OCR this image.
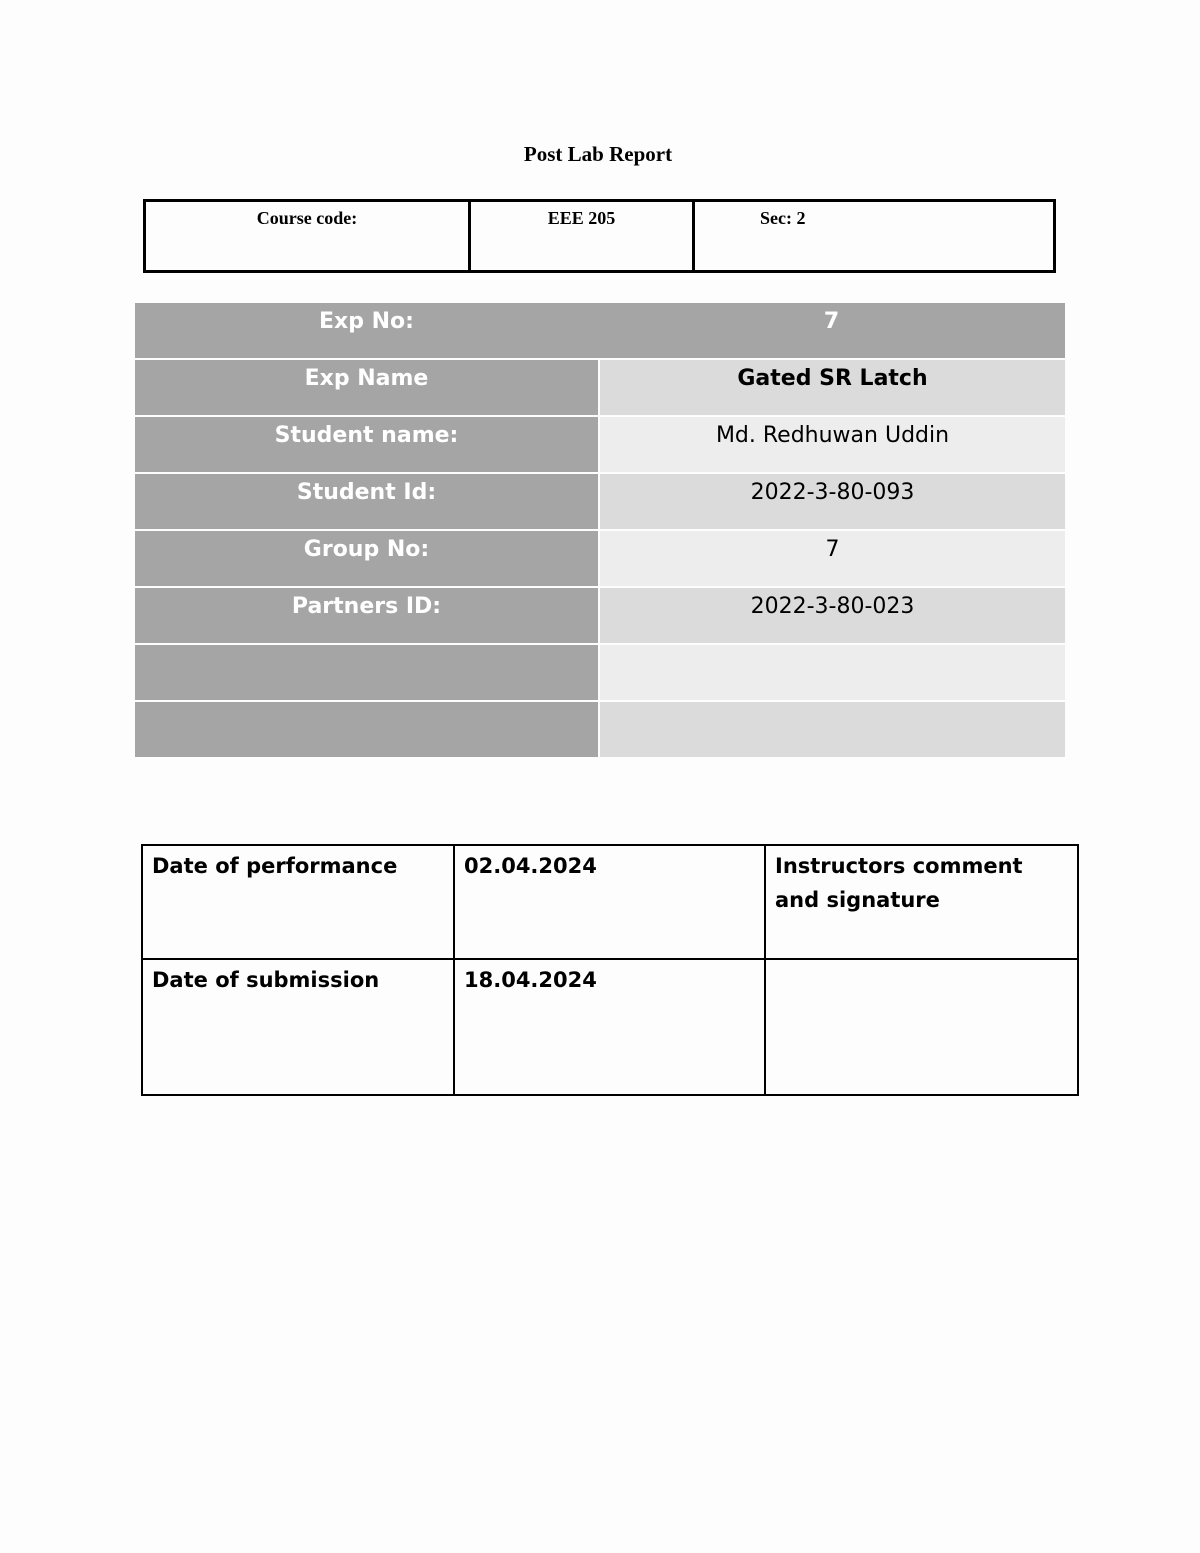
Post Lab Report
Course code:	EEE 205	Sec: 2
Exp No:	7
Exp Name	Gated SR Latch
Student name:	Md. Redhuwan Uddin
Student Id:	2022-3-80-093
Group No:	7
Partners ID:	2022-3-80-023
Date of performance	02.04.2024	Instructors comment and signature
Date of submission	18.04.2024	
